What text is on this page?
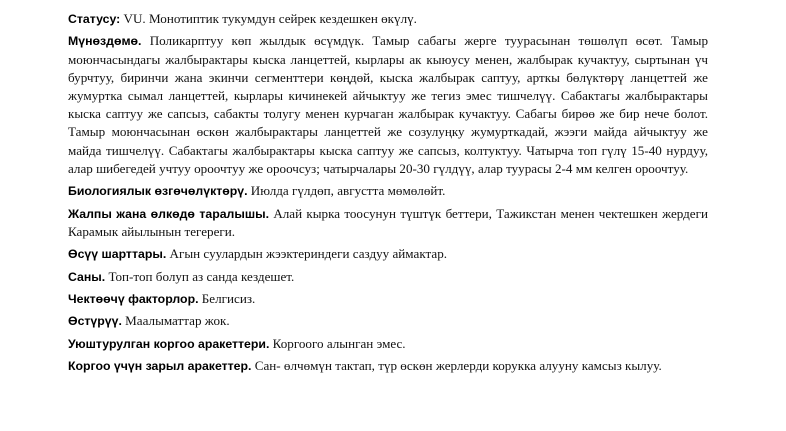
Статусу: VU. Монотиптик тукумдун сейрек кездешкен өкүлү.

Мүнөздөмө. Поликарптуу көп жылдык өсүмдүк. Тамыр сабагы жерге туурасынан төшөлүп өсөт. Тамыр моюнчасындагы жалбырактары кыска ланцеттей, кырлары ак кыюусу менен, жалбырак кучактуу, сыртынан үч бурчтуу, биринчи жана экинчи сегменттери көңдөй, кыска жалбырак саптуу, арткы бөлүктөрү ланцеттей же жумуртка сымал ланцеттей, кырлары кичинекей айчыктуу же тегиз эмес тишчелүү. Сабактагы жалбырактары кыска саптуу же сапсыз, сабакты толугу менен курчаган жалбырак кучактуу. Сабагы бирөө же бир нече болот. Тамыр моюнчасынан өскөн жалбырактары ланцеттей же созулуңку жумурткадай, жээги майда айчыктуу же майда тишчелүү. Сабактагы жалбырактары кыска саптуу же сапсыз, колтуктуу. Чатырча топ гүлү 15-40 нурдуу, алар шибегедей учтуу ороочтуу же ороочсуз; чатырчалары 20-30 гүлдүү, алар туурасы 2-4 мм келген ороочтуу.

Биологиялык өзгөчөлүктөрү. Июлда гүлдөп, августта мөмөлөйт.

Жалпы жана өлкөдө таралышы. Алай кырка тоосунун түштүк беттери, Тажикстан менен чектешкен жердеги Карамык айылынын тегереги.

Өсүү шарттары. Агын суулардын жээктериндеги саздуу аймактар.

Саны. Топ-топ болуп аз санда кездешет.

Чектөөчү факторлор. Белгисиз.

Өстүрүү. Маалыматтар жок.

Уюштурулган коргоо аракеттери. Коргоого алынган эмес.

Коргоо үчүн зарыл аракеттер. Сан- өлчөмүн тактап, түр өскөн жерлерди корукка алууну камсыз кылуу.
